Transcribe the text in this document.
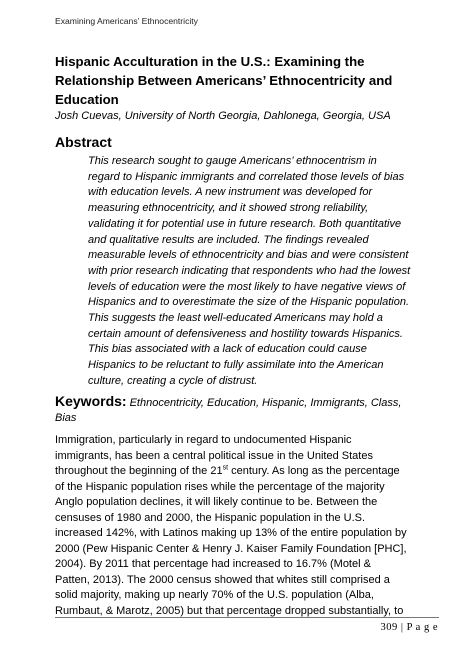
Examining Americans’ Ethnocentricity
Hispanic Acculturation in the U.S.: Examining the
Relationship Between Americans’ Ethnocentricity and
Education
Josh Cuevas, University of North Georgia, Dahlonega, Georgia, USA
Abstract
This research sought to gauge Americans’ ethnocentrism in
regard to Hispanic immigrants and correlated those levels of bias
with education levels. A new instrument was developed for
measuring ethnocentricity, and it showed strong reliability,
validating it for potential use in future research. Both quantitative
and qualitative results are included. The findings revealed
measurable levels of ethnocentricity and bias and were consistent
with prior research indicating that respondents who had the lowest
levels of education were the most likely to have negative views of
Hispanics and to overestimate the size of the Hispanic population.
This suggests the least well-educated Americans may hold a
certain amount of defensiveness and hostility towards Hispanics.
This bias associated with a lack of education could cause
Hispanics to be reluctant to fully assimilate into the American
culture, creating a cycle of distrust.
Keywords: Ethnocentricity, Education, Hispanic, Immigrants, Class,
Bias
Immigration, particularly in regard to undocumented Hispanic
immigrants, has been a central political issue in the United States
throughout the beginning of the 21st century. As long as the percentage
of the Hispanic population rises while the percentage of the majority
Anglo population declines, it will likely continue to be. Between the
censuses of 1980 and 2000, the Hispanic population in the U.S.
increased 142%, with Latinos making up 13% of the entire population by
2000 (Pew Hispanic Center & Henry J. Kaiser Family Foundation [PHC],
2004). By 2011 that percentage had increased to 16.7% (Motel &
Patten, 2013). The 2000 census showed that whites still comprised a
solid majority, making up nearly 70% of the U.S. population (Alba,
Rumbaut, & Marotz, 2005) but that percentage dropped substantially, to
309 | P a g e
